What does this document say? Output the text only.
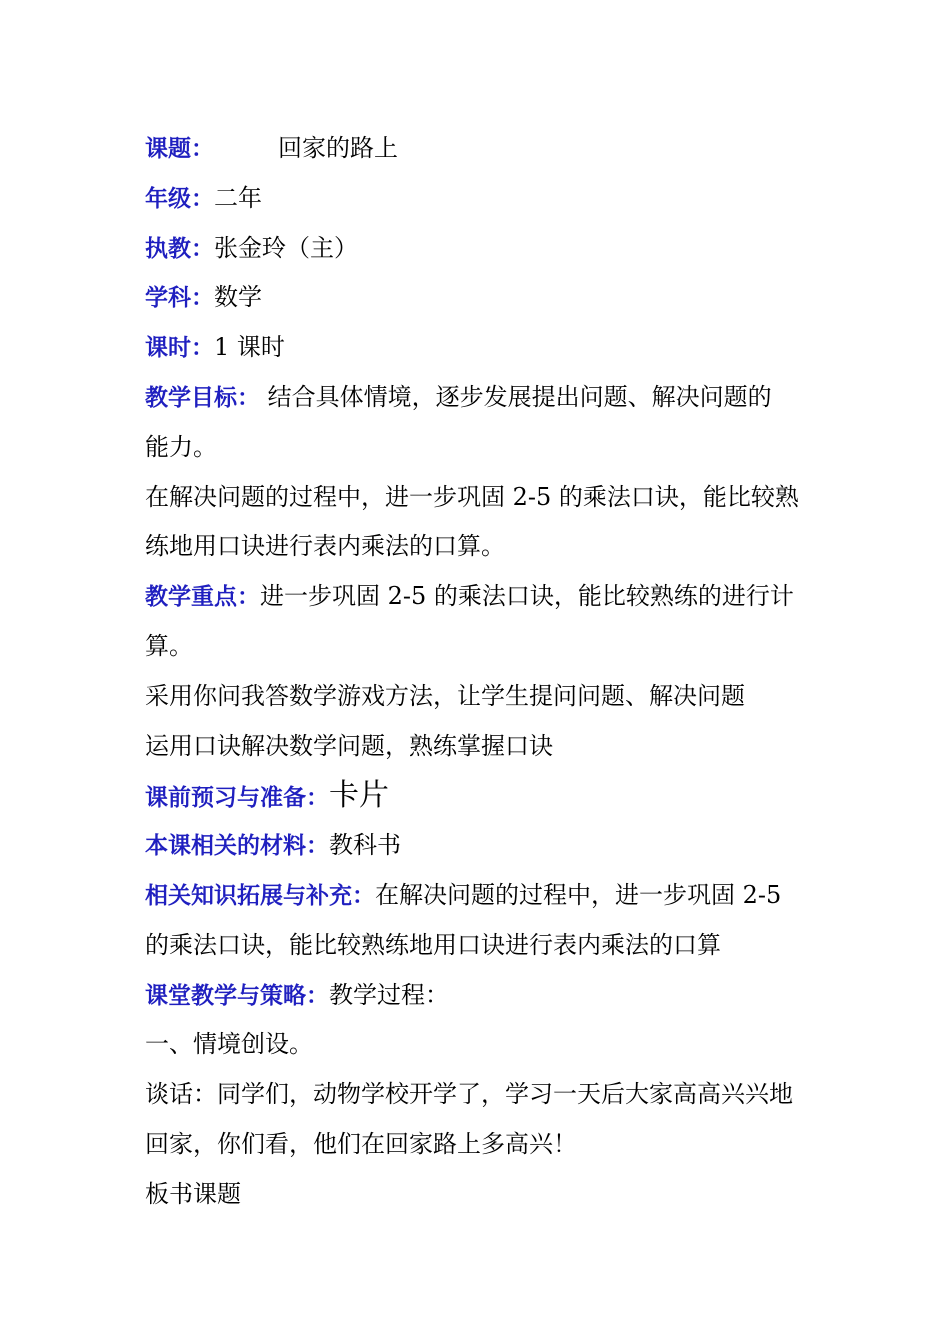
课题：	回家的路上
年级：二年
执教：张金玲（主）
学科：数学
课时：1 课时
教学目标： 结合具体情境，逐步发展提出问题、解决问题的
能力。
在解决问题的过程中，进一步巩固 2-5 的乘法口诀，能比较熟
练地用口诀进行表内乘法的口算。
教学重点：进一步巩固 2-5 的乘法口诀，能比较熟练的进行计
算。
采用你问我答数学游戏方法，让学生提问问题、解决问题
运用口诀解决数学问题，熟练掌握口诀
课前预习与准备：卡片
本课相关的材料：教科书
相关知识拓展与补充：在解决问题的过程中，进一步巩固 2-5
的乘法口诀，能比较熟练地用口诀进行表内乘法的口算
课堂教学与策略：教学过程：
一、情境创设。
谈话：同学们，动物学校开学了，学习一天后大家高高兴兴地
回家，你们看，他们在回家路上多高兴！
板书课题
